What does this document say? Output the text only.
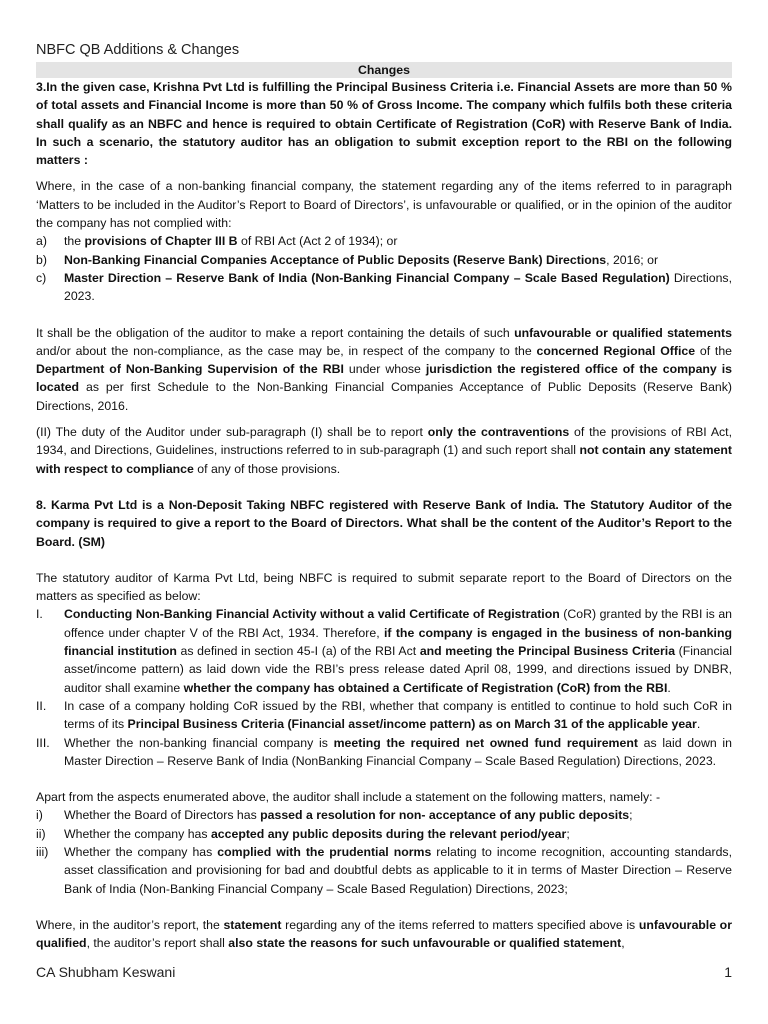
NBFC QB Additions & Changes
Changes

3.In the given case, Krishna Pvt Ltd is fulfilling the Principal Business Criteria i.e. Financial Assets are more than 50 % of total assets and Financial Income is more than 50 % of Gross Income. The company which fulfils both these criteria shall qualify as an NBFC and hence is required to obtain Certificate of Registration (CoR) with Reserve Bank of India. In such a scenario, the statutory auditor has an obligation to submit exception report to the RBI on the following matters :

Where, in the case of a non-banking financial company, the statement regarding any of the items referred to in paragraph ‘Matters to be included in the Auditor’s Report to Board of Directors’, is unfavourable or qualified, or in the opinion of the auditor the company has not complied with:

a)	the provisions of Chapter III B of RBI Act (Act 2 of 1934); or
b)	Non-Banking Financial Companies Acceptance of Public Deposits (Reserve Bank) Directions, 2016; or
c)	Master Direction – Reserve Bank of India (Non-Banking Financial Company – Scale Based Regulation) Directions, 2023.

It shall be the obligation of the auditor to make a report containing the details of such unfavourable or qualified statements and/or about the non-compliance, as the case may be, in respect of the company to the concerned Regional Office of the Department of Non-Banking Supervision of the RBI under whose jurisdiction the registered office of the company is located as per first Schedule to the Non-Banking Financial Companies Acceptance of Public Deposits (Reserve Bank) Directions, 2016.

(II) The duty of the Auditor under sub-paragraph (I) shall be to report only the contraventions of the provisions of RBI Act, 1934, and Directions, Guidelines, instructions referred to in sub-paragraph (1) and such report shall not contain any statement with respect to compliance of any of those provisions.

8. Karma Pvt Ltd is a Non-Deposit Taking NBFC registered with Reserve Bank of India. The Statutory Auditor of the company is required to give a report to the Board of Directors. What shall be the content of the Auditor’s Report to the Board. (SM)

The statutory auditor of Karma Pvt Ltd, being NBFC is required to submit separate report to the Board of Directors on the matters as specified as below:

I.	Conducting Non-Banking Financial Activity without a valid Certificate of Registration (CoR) granted by the RBI is an offence under chapter V of the RBI Act, 1934. Therefore, if the company is engaged in the business of non-banking financial institution as defined in section 45-I (a) of the RBI Act and meeting the Principal Business Criteria (Financial asset/income pattern) as laid down vide the RBI’s press release dated April 08, 1999, and directions issued by DNBR, auditor shall examine whether the company has obtained a Certificate of Registration (CoR) from the RBI.
II.	In case of a company holding CoR issued by the RBI, whether that company is entitled to continue to hold such CoR in terms of its Principal Business Criteria (Financial asset/income pattern) as on March 31 of the applicable year.
III.	Whether the non-banking financial company is meeting the required net owned fund requirement as laid down in Master Direction – Reserve Bank of India (NonBanking Financial Company – Scale Based Regulation) Directions, 2023.

Apart from the aspects enumerated above, the auditor shall include a statement on the following matters, namely: -

i)	Whether the Board of Directors has passed a resolution for non- acceptance of any public deposits;
ii)	Whether the company has accepted any public deposits during the relevant period/year;
iii)	Whether the company has complied with the prudential norms relating to income recognition, accounting standards, asset classification and provisioning for bad and doubtful debts as applicable to it in terms of Master Direction – Reserve Bank of India (Non-Banking Financial Company – Scale Based Regulation) Directions, 2023;

Where, in the auditor’s report, the statement regarding any of the items referred to matters specified above is unfavourable or qualified, the auditor’s report shall also state the reasons for such unfavourable or qualified statement,

CA Shubham Keswani	1
